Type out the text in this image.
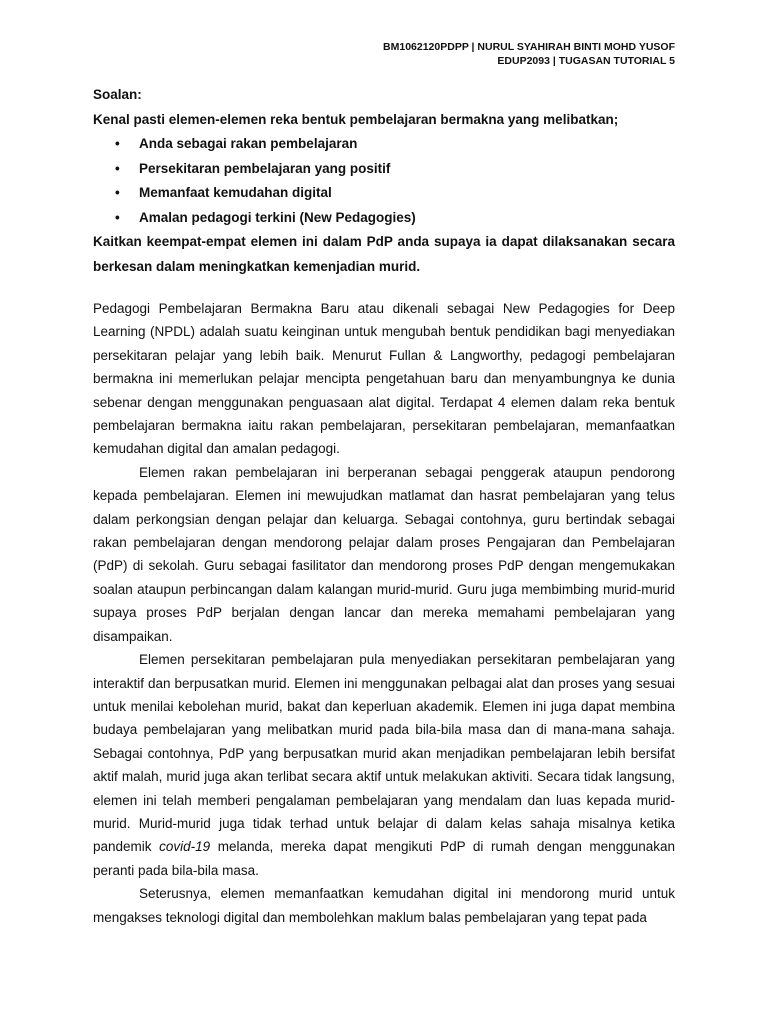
BM1062120PDPP | NURUL SYAHIRAH BINTI MOHD YUSOF
EDUP2093 | TUGASAN TUTORIAL 5

Soalan:

Kenal pasti elemen-elemen reka bentuk pembelajaran bermakna yang melibatkan;

• Anda sebagai rakan pembelajaran
• Persekitaran pembelajaran yang positif
• Memanfaat kemudahan digital
• Amalan pedagogi terkini (New Pedagogies)

Kaitkan keempat-empat elemen ini dalam PdP anda supaya ia dapat dilaksanakan secara berkesan dalam meningkatkan kemenjadian murid.

Pedagogi Pembelajaran Bermakna Baru atau dikenali sebagai New Pedagogies for Deep Learning (NPDL) adalah suatu keinginan untuk mengubah bentuk pendidikan bagi menyediakan persekitaran pelajar yang lebih baik. Menurut Fullan & Langworthy, pedagogi pembelajaran bermakna ini memerlukan pelajar mencipta pengetahuan baru dan menyambungnya ke dunia sebenar dengan menggunakan penguasaan alat digital. Terdapat 4 elemen dalam reka bentuk pembelajaran bermakna iaitu rakan pembelajaran, persekitaran pembelajaran, memanfaatkan kemudahan digital dan amalan pedagogi.

Elemen rakan pembelajaran ini berperanan sebagai penggerak ataupun pendorong kepada pembelajaran. Elemen ini mewujudkan matlamat dan hasrat pembelajaran yang telus dalam perkongsian dengan pelajar dan keluarga. Sebagai contohnya, guru bertindak sebagai rakan pembelajaran dengan mendorong pelajar dalam proses Pengajaran dan Pembelajaran (PdP) di sekolah. Guru sebagai fasilitator dan mendorong proses PdP dengan mengemukakan soalan ataupun perbincangan dalam kalangan murid-murid. Guru juga membimbing murid-murid supaya proses PdP berjalan dengan lancar dan mereka memahami pembelajaran yang disampaikan.

Elemen persekitaran pembelajaran pula menyediakan persekitaran pembelajaran yang interaktif dan berpusatkan murid. Elemen ini menggunakan pelbagai alat dan proses yang sesuai untuk menilai kebolehan murid, bakat dan keperluan akademik. Elemen ini juga dapat membina budaya pembelajaran yang melibatkan murid pada bila-bila masa dan di mana-mana sahaja. Sebagai contohnya, PdP yang berpusatkan murid akan menjadikan pembelajaran lebih bersifat aktif malah, murid juga akan terlibat secara aktif untuk melakukan aktiviti. Secara tidak langsung, elemen ini telah memberi pengalaman pembelajaran yang mendalam dan luas kepada murid-murid. Murid-murid juga tidak terhad untuk belajar di dalam kelas sahaja misalnya ketika pandemik covid-19 melanda, mereka dapat mengikuti PdP di rumah dengan menggunakan peranti pada bila-bila masa.

Seterusnya, elemen memanfaatkan kemudahan digital ini mendorong murid untuk mengakses teknologi digital dan membolehkan maklum balas pembelajaran yang tepat pada
